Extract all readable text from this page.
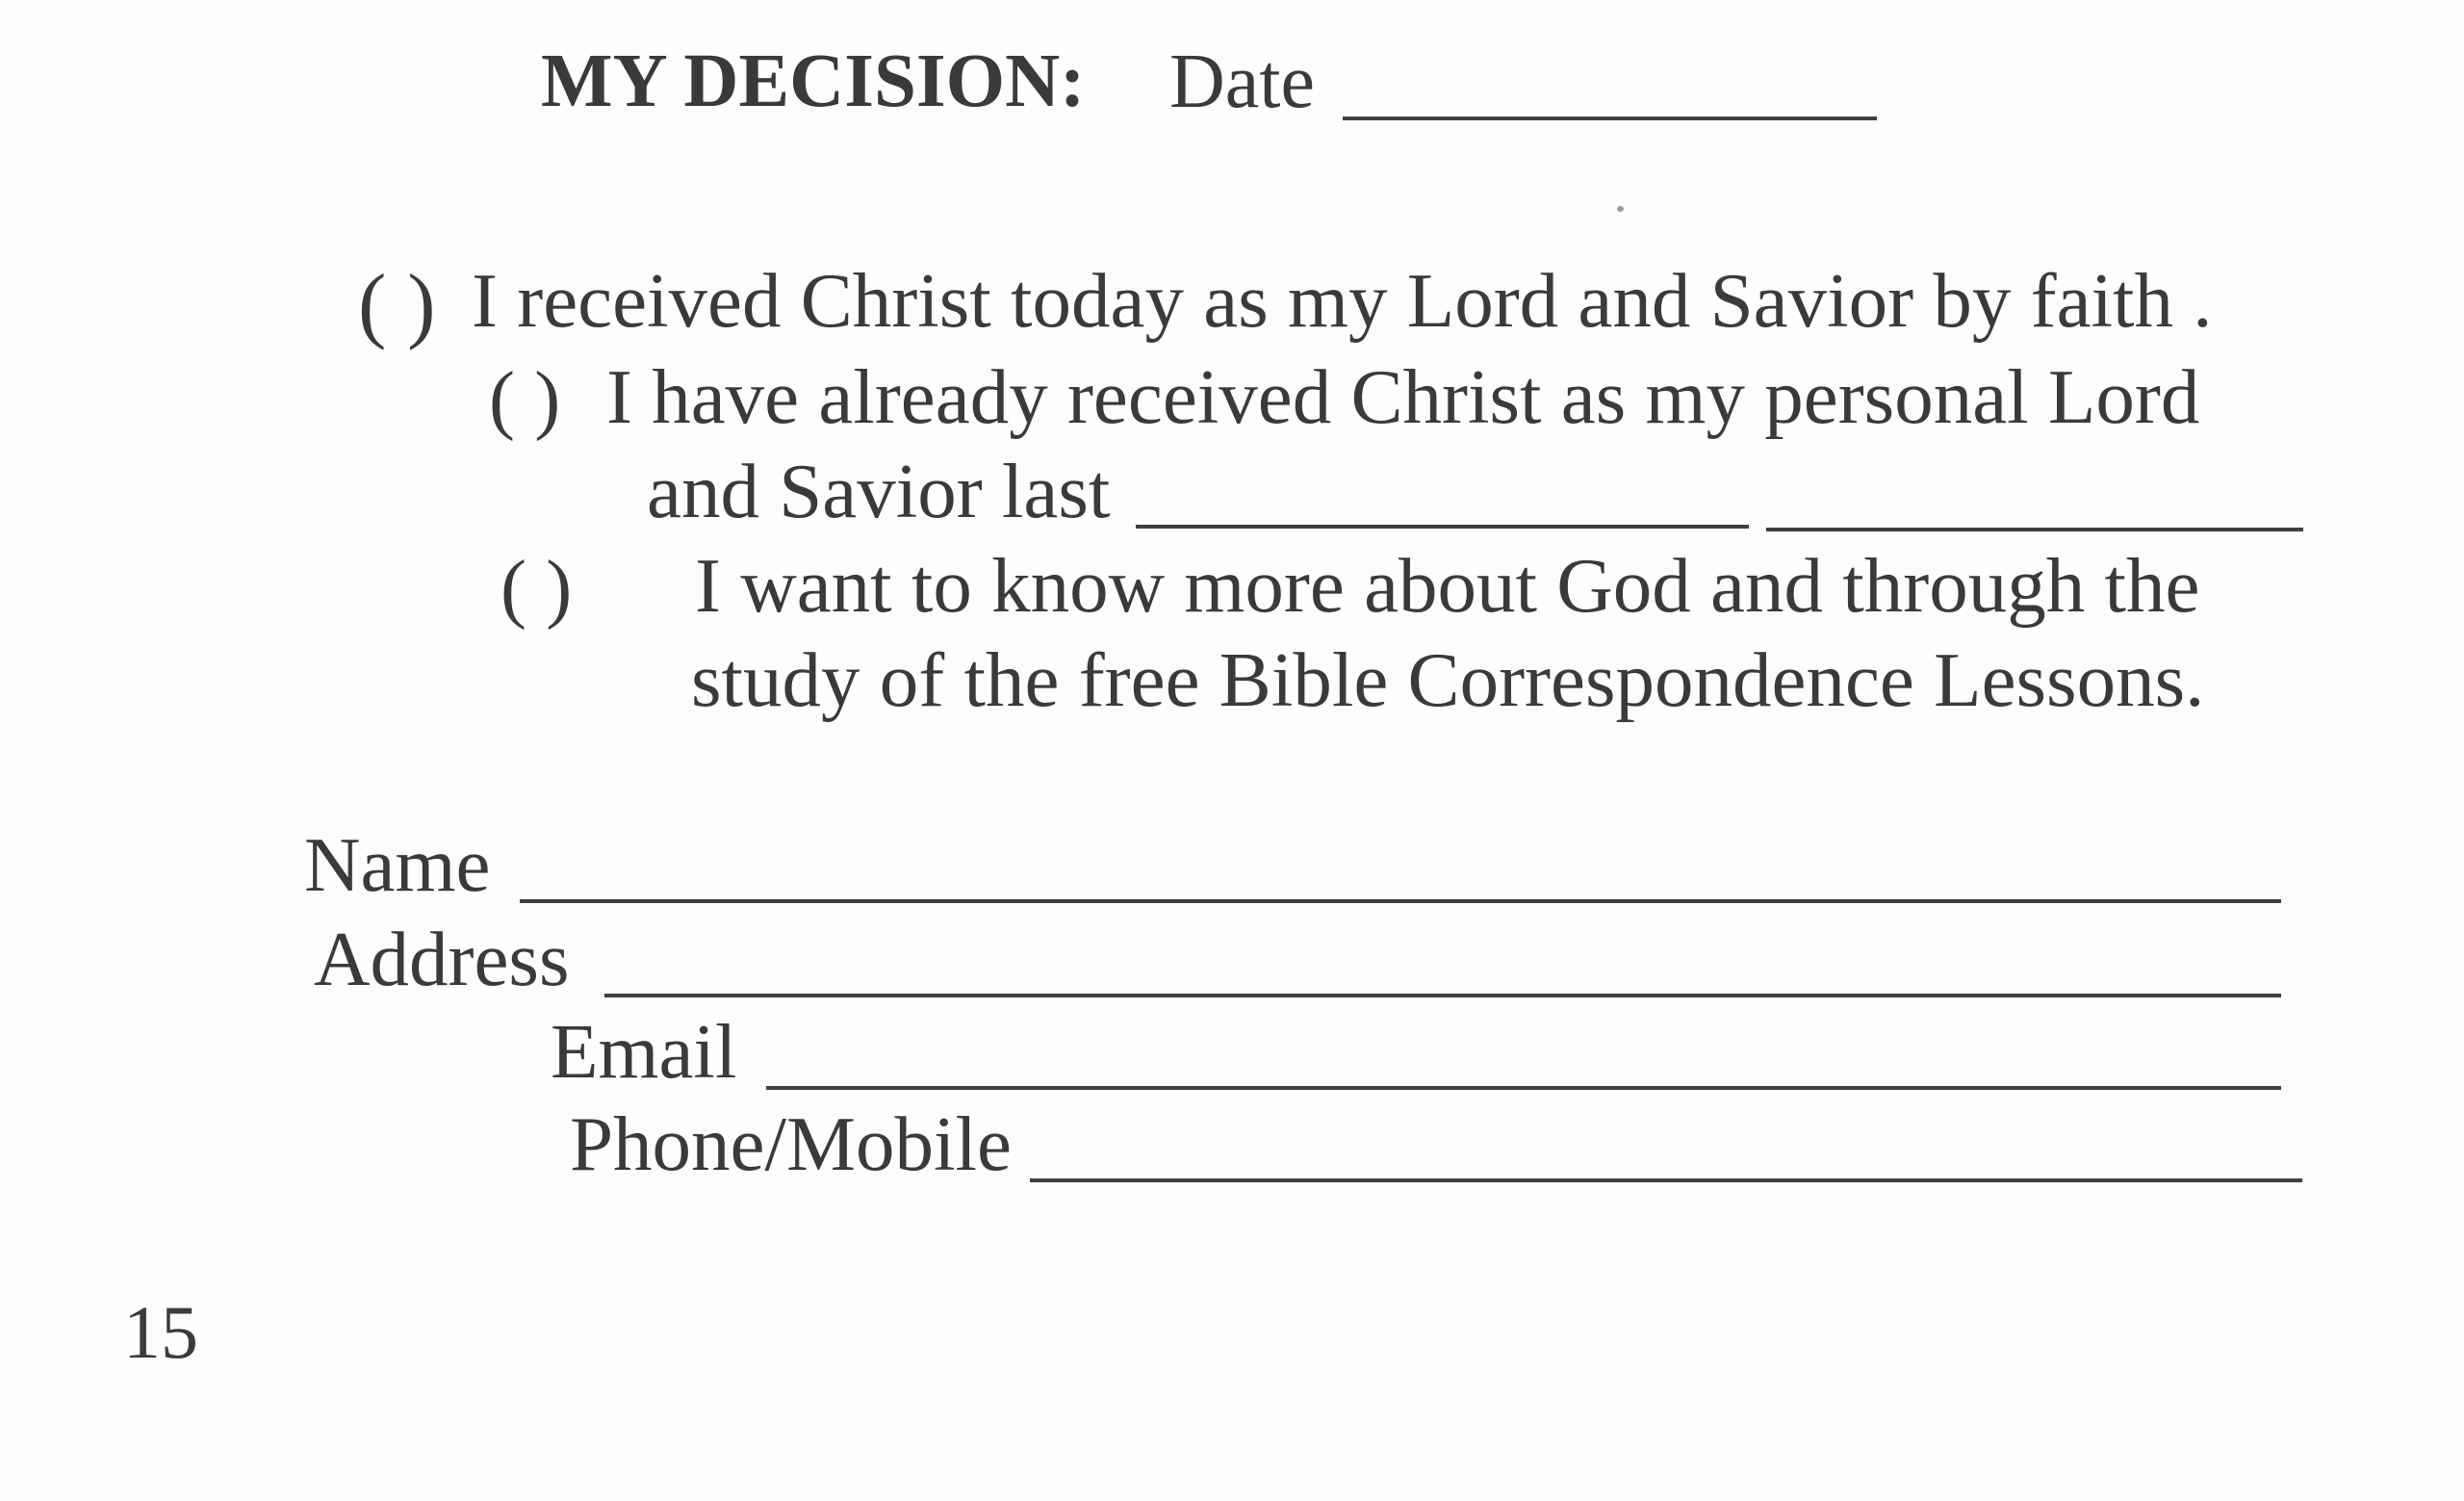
MY DECISION: Date
( ) I received Christ today as my Lord and Savior by faith .
( ) I have already received Christ as my personal Lord
and Savior last
( ) I want to know more about God and through the
study of the free Bible Correspondence Lessons.
Name
Address
Email
Phone/Mobile
15
